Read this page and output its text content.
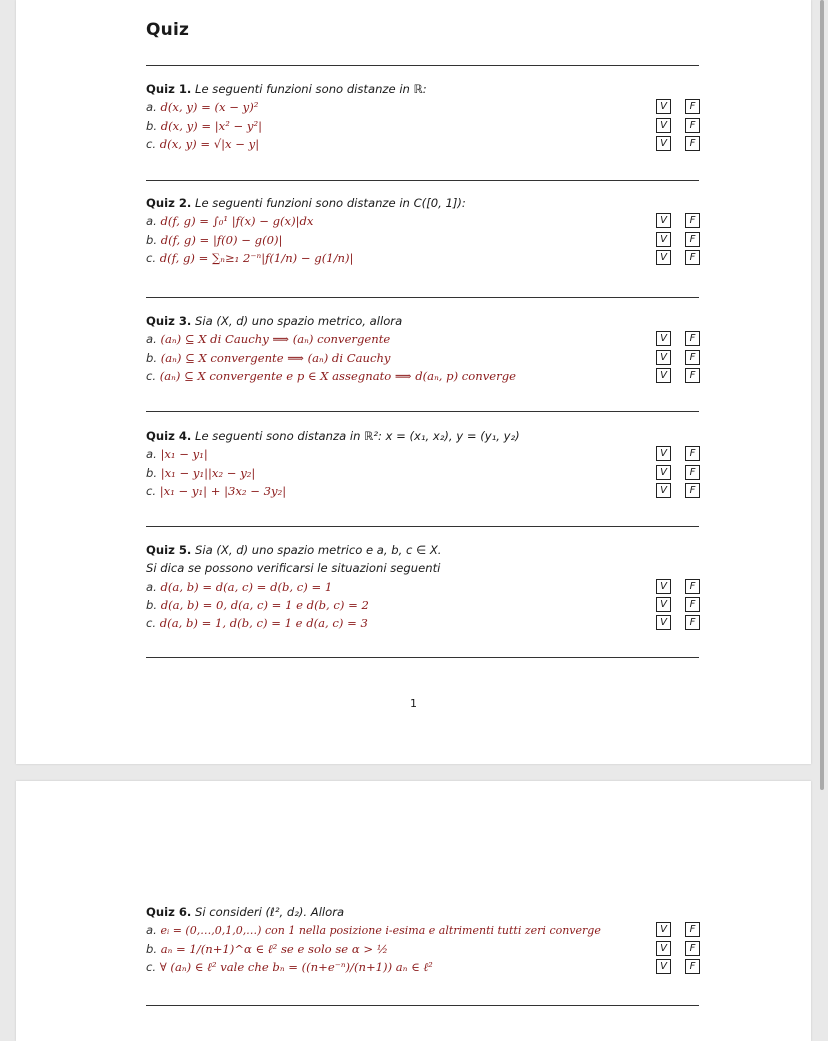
Quiz
Quiz 1. Le seguenti funzioni sono distanze in ℝ:
a. d(x, y) = (x − y)²	V	F
b. d(x, y) = |x² − y²|	V	F
c. d(x, y) = √|x − y|	V	F
Quiz 2. Le seguenti funzioni sono distanze in C([0, 1]):
a. d(f, g) = ∫₀¹ |f(x) − g(x)|dx	V	F
b. d(f, g) = |f(0) − g(0)|	V	F
c. d(f, g) = ∑ₙ≥₁ 2⁻ⁿ|f(1/n) − g(1/n)|	V	F
Quiz 3. Sia (X, d) uno spazio metrico, allora
a. (aₙ) ⊆ X di Cauchy ⟹ (aₙ) convergente	V	F
b. (aₙ) ⊆ X convergente ⟹ (aₙ) di Cauchy	V	F
c. (aₙ) ⊆ X convergente e p ∈ X assegnato ⟹ d(aₙ, p) converge	V	F
Quiz 4. Le seguenti sono distanza in ℝ²: x = (x₁, x₂), y = (y₁, y₂)
a. |x₁ − y₁|	V	F
b. |x₁ − y₁||x₂ − y₂|	V	F
c. |x₁ − y₁| + |3x₂ − 3y₂|	V	F
Quiz 5. Sia (X, d) uno spazio metrico e a, b, c ∈ X.
Si dica se possono verificarsi le situazioni seguenti
a. d(a, b) = d(a, c) = d(b, c) = 1	V	F
b. d(a, b) = 0, d(a, c) = 1 e d(b, c) = 2	V	F
c. d(a, b) = 1, d(b, c) = 1 e d(a, c) = 3	V	F
1
Quiz 6. Si consideri (ℓ², d₂). Allora
a. eᵢ = (0,…,0,1,0,…) con 1 nella posizione i-esima e altrimenti tutti zeri converge	V	F
b. aₙ = 1/(n+1)^α ∈ ℓ² se e solo se α > ½	V	F
c. ∀ (aₙ) ∈ ℓ² vale che bₙ = ((n+e⁻ⁿ)/(n+1)) aₙ ∈ ℓ²	V	F
